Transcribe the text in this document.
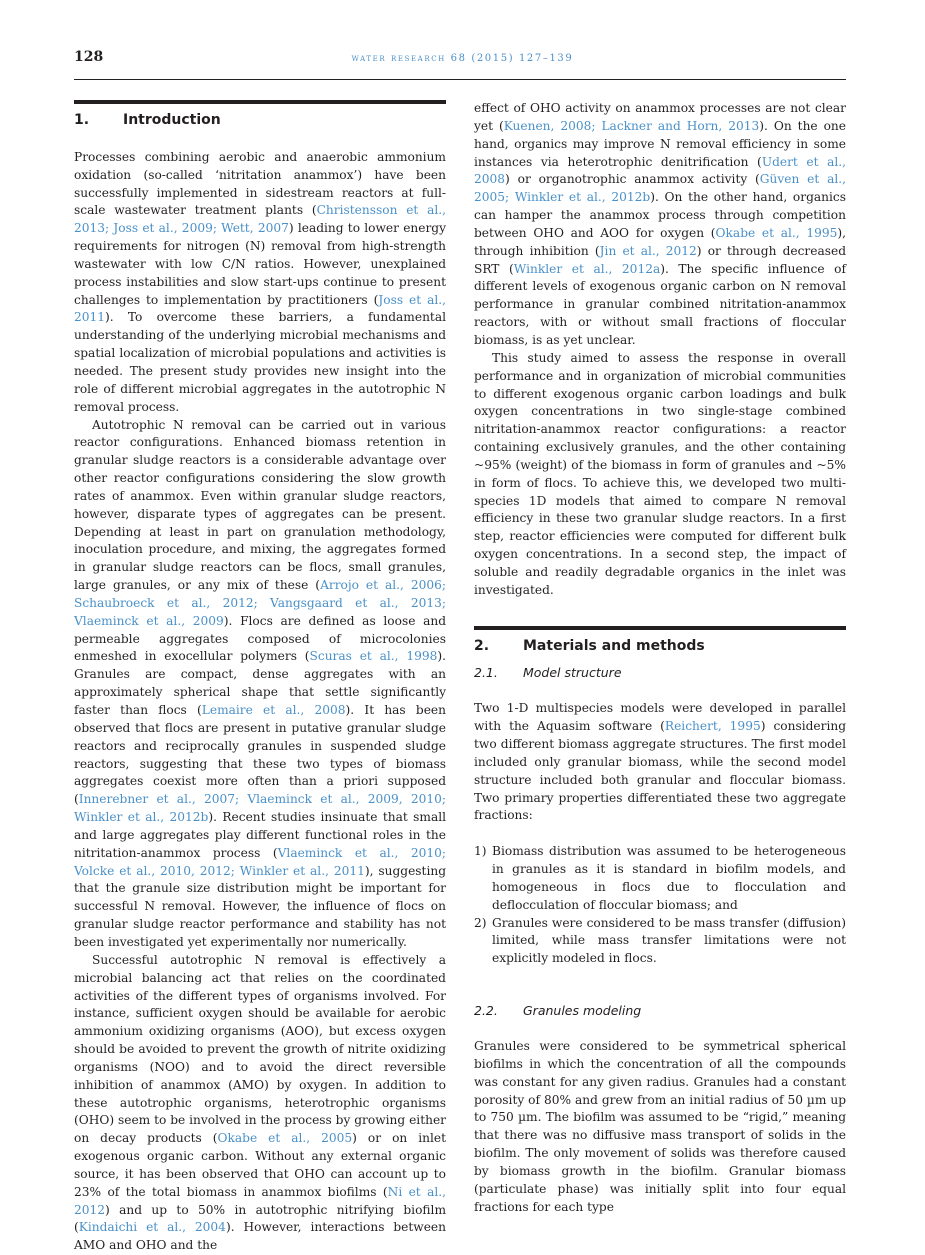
128	water research 68 (2015) 127–139
1.	Introduction

Processes combining aerobic and anaerobic ammonium oxidation (so-called ‘nitritation anammox’) have been successfully implemented in sidestream reactors at full-scale wastewater treatment plants (Christensson et al., 2013; Joss et al., 2009; Wett, 2007) leading to lower energy requirements for nitrogen (N) removal from high-strength wastewater with low C/N ratios. However, unexplained process instabilities and slow start-ups continue to present challenges to implementation by practitioners (Joss et al., 2011). To overcome these barriers, a fundamental understanding of the underlying microbial mechanisms and spatial localization of microbial populations and activities is needed. The present study provides new insight into the role of different microbial aggregates in the autotrophic N removal process.

Autotrophic N removal can be carried out in various reactor configurations. Enhanced biomass retention in granular sludge reactors is a considerable advantage over other reactor configurations considering the slow growth rates of anammox. Even within granular sludge reactors, however, disparate types of aggregates can be present. Depending at least in part on granulation methodology, inoculation procedure, and mixing, the aggregates formed in granular sludge reactors can be flocs, small granules, large granules, or any mix of these (Arrojo et al., 2006; Schaubroeck et al., 2012; Vangsgaard et al., 2013; Vlaeminck et al., 2009). Flocs are defined as loose and permeable aggregates composed of microcolonies enmeshed in exocellular polymers (Scuras et al., 1998). Granules are compact, dense aggregates with an approximately spherical shape that settle significantly faster than flocs (Lemaire et al., 2008). It has been observed that flocs are present in putative granular sludge reactors and reciprocally granules in suspended sludge reactors, suggesting that these two types of biomass aggregates coexist more often than a priori supposed (Innerebner et al., 2007; Vlaeminck et al., 2009, 2010; Winkler et al., 2012b). Recent studies insinuate that small and large aggregates play different functional roles in the nitritation-anammox process (Vlaeminck et al., 2010; Volcke et al., 2010, 2012; Winkler et al., 2011), suggesting that the granule size distribution might be important for successful N removal. However, the influence of flocs on granular sludge reactor performance and stability has not been investigated yet experimentally nor numerically.

Successful autotrophic N removal is effectively a microbial balancing act that relies on the coordinated activities of the different types of organisms involved. For instance, sufficient oxygen should be available for aerobic ammonium oxidizing organisms (AOO), but excess oxygen should be avoided to prevent the growth of nitrite oxidizing organisms (NOO) and to avoid the direct reversible inhibition of anammox (AMO) by oxygen. In addition to these autotrophic organisms, heterotrophic organisms (OHO) seem to be involved in the process by growing either on decay products (Okabe et al., 2005) or on inlet exogenous organic carbon. Without any external organic source, it has been observed that OHO can account up to 23% of the total biomass in anammox biofilms (Ni et al., 2012) and up to 50% in autotrophic nitrifying biofilm (Kindaichi et al., 2004). However, interactions between AMO and OHO and the

effect of OHO activity on anammox processes are not clear yet (Kuenen, 2008; Lackner and Horn, 2013). On the one hand, organics may improve N removal efficiency in some instances via heterotrophic denitrification (Udert et al., 2008) or organotrophic anammox activity (Güven et al., 2005; Winkler et al., 2012b). On the other hand, organics can hamper the anammox process through competition between OHO and AOO for oxygen (Okabe et al., 1995), through inhibition (Jin et al., 2012) or through decreased SRT (Winkler et al., 2012a). The specific influence of different levels of exogenous organic carbon on N removal performance in granular combined nitritation-anammox reactors, with or without small fractions of floccular biomass, is as yet unclear.

This study aimed to assess the response in overall performance and in organization of microbial communities to different exogenous organic carbon loadings and bulk oxygen concentrations in two single-stage combined nitritation-anammox reactor configurations: a reactor containing exclusively granules, and the other containing ~95% (weight) of the biomass in form of granules and ~5% in form of flocs. To achieve this, we developed two multi-species 1D models that aimed to compare N removal efficiency in these two granular sludge reactors. In a first step, reactor efficiencies were computed for different bulk oxygen concentrations. In a second step, the impact of soluble and readily degradable organics in the inlet was investigated.

2.	Materials and methods
2.1.	Model structure

Two 1-D multispecies models were developed in parallel with the Aquasim software (Reichert, 1995) considering two different biomass aggregate structures. The first model included only granular biomass, while the second model structure included both granular and floccular biomass. Two primary properties differentiated these two aggregate fractions:

1) Biomass distribution was assumed to be heterogeneous in granules as it is standard in biofilm models, and homogeneous in flocs due to flocculation and deflocculation of floccular biomass; and
2) Granules were considered to be mass transfer (diffusion) limited, while mass transfer limitations were not explicitly modeled in flocs.
2.2.	Granules modeling

Granules were considered to be symmetrical spherical biofilms in which the concentration of all the compounds was constant for any given radius. Granules had a constant porosity of 80% and grew from an initial radius of 50 µm up to 750 µm. The biofilm was assumed to be “rigid,” meaning that there was no diffusive mass transport of solids in the biofilm. The only movement of solids was therefore caused by biomass growth in the biofilm. Granular biomass (particulate phase) was initially split into four equal fractions for each type
